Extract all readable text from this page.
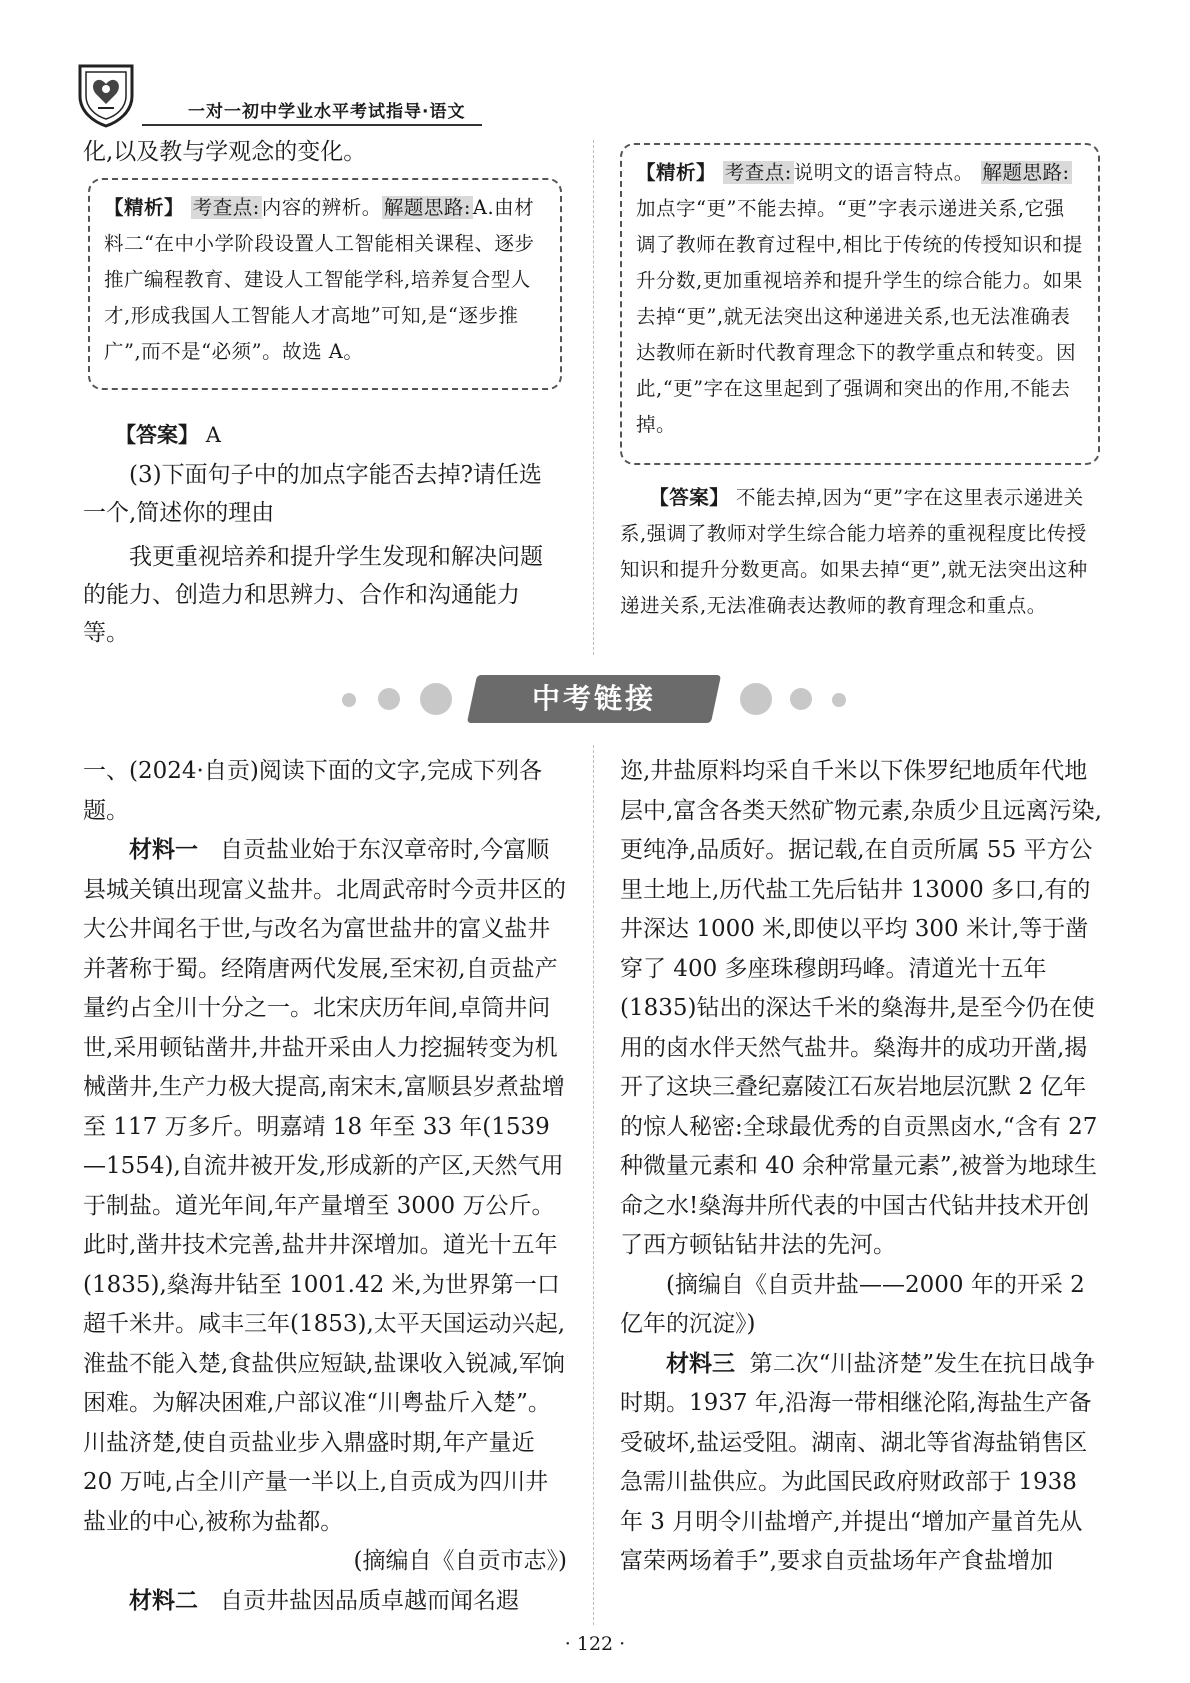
一对一初中学业水平考试指导·语文
化,以及教与学观念的变化。
【精析】 考查点: 内容的辨析。 解题思路: A.由材料二“在中小学阶段设置人工智能相关课程、逐步推广编程教育、建设人工智能学科,培养复合型人才,形成我国人工智能人才高地”可知,是“逐步推广”,而不是“必须”。故选 A。
【答案】 A
(3)下面句子中的加点字能否去掉?请任选一个,简述你的理由
我更重视培养和提升学生发现和解决问题的能力、创造力和思辨力、合作和沟通能力等。
【精析】 考查点: 说明文的语言特点。 解题思路:加点字“更”不能去掉。“更”字表示递进关系,它强调了教师在教育过程中,相比于传统的传授知识和提升分数,更加重视培养和提升学生的综合能力。如果去掉“更”,就无法突出这种递进关系,也无法准确表达教师在新时代教育理念下的教学重点和转变。因此,“更”字在这里起到了强调和突出的作用,不能去掉。
【答案】 不能去掉,因为“更”字在这里表示递进关系,强调了教师对学生综合能力培养的重视程度比传授知识和提升分数更高。如果去掉“更”,就无法突出这种递进关系,无法准确表达教师的教育理念和重点。
中考链接

一、(2024·自贡)阅读下面的文字,完成下列各题。

材料一 自贡盐业始于东汉章帝时,今富顺县城关镇出现富义盐井。北周武帝时今贡井区的大公井闻名于世,与改名为富世盐井的富义盐井并著称于蜀。经隋唐两代发展,至宋初,自贡盐产量约占全川十分之一。北宋庆历年间,卓筒井问世,采用顿钻凿井,井盐开采由人力挖掘转变为机械凿井,生产力极大提高,南宋末,富顺县岁煮盐增至 117 万多斤。明嘉靖 18 年至 33 年(1539—1554),自流井被开发,形成新的产区,天然气用于制盐。道光年间,年产量增至 3000 万公斤。此时,凿井技术完善,盐井井深增加。道光十五年(1835),燊海井钻至 1001.42 米,为世界第一口超千米井。咸丰三年(1853),太平天国运动兴起,淮盐不能入楚,食盐供应短缺,盐课收入锐减,军饷困难。为解决困难,户部议准“川粤盐斤入楚”。川盐济楚,使自贡盐业步入鼎盛时期,年产量近 20 万吨,占全川产量一半以上,自贡成为四川井盐业的中心,被称为盐都。

(摘编自《自贡市志》)

材料二 自贡井盐因品质卓越而闻名遐

迩,井盐原料均采自千米以下侏罗纪地质年代地层中,富含各类天然矿物元素,杂质少且远离污染,更纯净,品质好。据记载,在自贡所属 55 平方公里土地上,历代盐工先后钻井 13000 多口,有的井深达 1000 米,即使以平均 300 米计,等于凿穿了 400 多座珠穆朗玛峰。清道光十五年(1835)钻出的深达千米的燊海井,是至今仍在使用的卤水伴天然气盐井。燊海井的成功开凿,揭开了这块三叠纪嘉陵江石灰岩地层沉默 2 亿年的惊人秘密:全球最优秀的自贡黑卤水,“含有 27 种微量元素和 40 余种常量元素”,被誉为地球生命之水!燊海井所代表的中国古代钻井技术开创了西方顿钻钻井法的先河。

(摘编自《自贡井盐——2000 年的开采 2 亿年的沉淀》)

材料三 第二次“川盐济楚”发生在抗日战争时期。1937 年,沿海一带相继沦陷,海盐生产备受破坏,盐运受阻。湖南、湖北等省海盐销售区急需川盐供应。为此国民政府财政部于 1938 年 3 月明令川盐增产,并提出“增加产量首先从富荣两场着手”,要求自贡盐场年产食盐增加

· 122 ·
